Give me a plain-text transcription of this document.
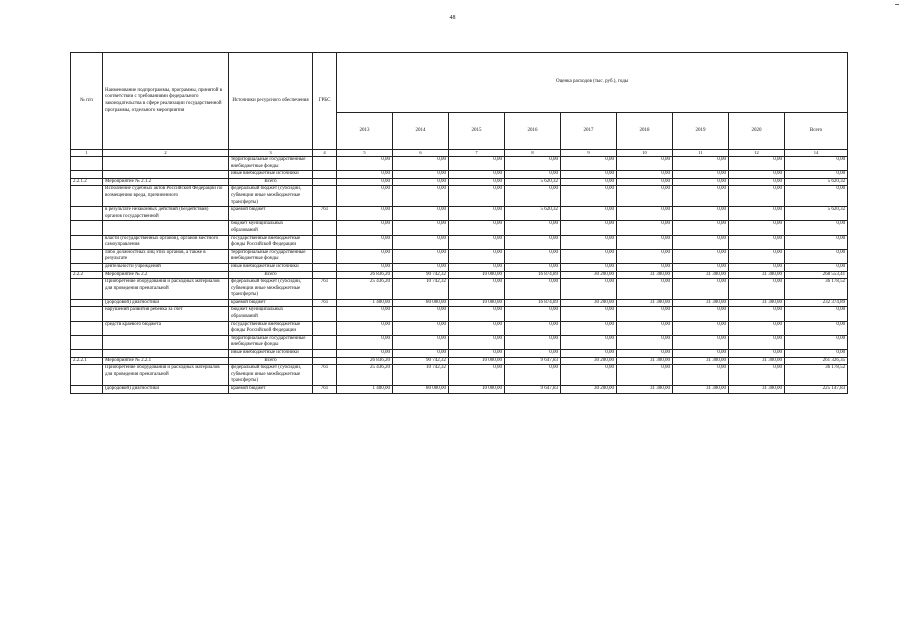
48
№ п/п	Наименование подпрограммы, программы, принятой в соответствии с требованиями федерального законодательства в сфере реализации государственной программы, отдельного мероприятия	Источники ресурсного обеспечения	ГРБС	Оценка расходов (тыс. руб.), годы								
				2013	2014	2015	2016	2017	2018	2019	2020	Всего
1	2	3	4	5	6	7	8	9	10	11	12	14
		территориальные государственные внебюджетные фонды		0,00	0,00	0,00	0,00	0,00	0,00	0,00	0,00	0,00
		иные внебюджетные источники		0,00	0,00	0,00	0,00	0,00	0,00	0,00	0,00	0,00
2.2.1.2	Мероприятие № 2.1.2	Всего		0,00	0,00	0,00	5 620,32	0,00	0,00	0,00	0,00	5 620,32
	Исполнение судебных актов Российской Федерации по возмещению вреда, причиненного	федеральный бюджет (субсидии, субвенции иные межбюджетные трансферты)		0,00	0,00	0,00	0,00	0,00	0,00	0,00	0,00	0,00
	в результате незаконных действий (бездействия) органов государственной	краевой бюджет	761	0,00	0,00	0,00	5 620,32	0,00	0,00	0,00	0,00	5 620,32
		бюджет муниципальных образований		0,00	0,00	0,00	0,00	0,00	0,00	0,00	0,00	0,00
	власти (государственных органов), органов местного самоуправления	государственные внебюджетные фонды Российской Федерации		0,00	0,00	0,00	0,00	0,00	0,00	0,00	0,00	0,00
	либо должностных лиц этих органов, а также в результате	территориальные государственные внебюджетные фонды		0,00	0,00	0,00	0,00	0,00	0,00	0,00	0,00	0,00
	деятельности учреждений	иные внебюджетные источники		0,00	0,00	0,00	0,00	0,00	0,00	0,00	0,00	0,00
2.2.2	Мероприятие № 2.2	Всего		26 836,20	90 742,32	10 000,00	16 874,89	30 200,00	31 300,00	31 300,00	31 300,00	268 553,41
	Приобретение оборудования и расходных материалов для проведения пренатальной	федеральный бюджет (субсидии, субвенции иные межбюджетные трансферты)	761	25 436,20	10 742,32	0,00	0,00	0,00	0,00	0,00	0,00	36 178,52
	(дородовой) диагностики	краевой бюджет	761	1 400,00	80 000,00	10 000,00	16 874,89	30 200,00	31 300,00	31 300,00	31 300,00	232 374,89
	нарушений развития ребенка за счет	бюджет муниципальных образований		0,00	0,00	0,00	0,00	0,00	0,00	0,00	0,00	0,00
	средств краевого бюджета	государственные внебюджетные фонды Российской Федерации		0,00	0,00	0,00	0,00	0,00	0,00	0,00	0,00	0,00
		территориальные государственные внебюджетные фонды		0,00	0,00	0,00	0,00	0,00	0,00	0,00	0,00	0,00
		иные внебюджетные источники		0,00	0,00	0,00	0,00	0,00	0,00	0,00	0,00	0,00
2.2.2.1	Мероприятие № 2.2.1	Всего		26 836,20	90 742,32	10 000,00	9 647,83	30 200,00	31 300,00	31 300,00	31 300,00	261 326,35
	Приобретение оборудования и расходных материалов для проведения пренатальной	федеральный бюджет (субсидии, субвенции иные межбюджетные трансферты)	761	25 436,20	10 742,32	0,00	0,00	0,00	0,00	0,00	0,00	36 178,52
	(дородовой) диагностики	краевой бюджет	761	1 400,00	80 000,00	10 000,00	9 647,83	30 200,00	31 300,00	31 300,00	31 300,00	225 147,83
